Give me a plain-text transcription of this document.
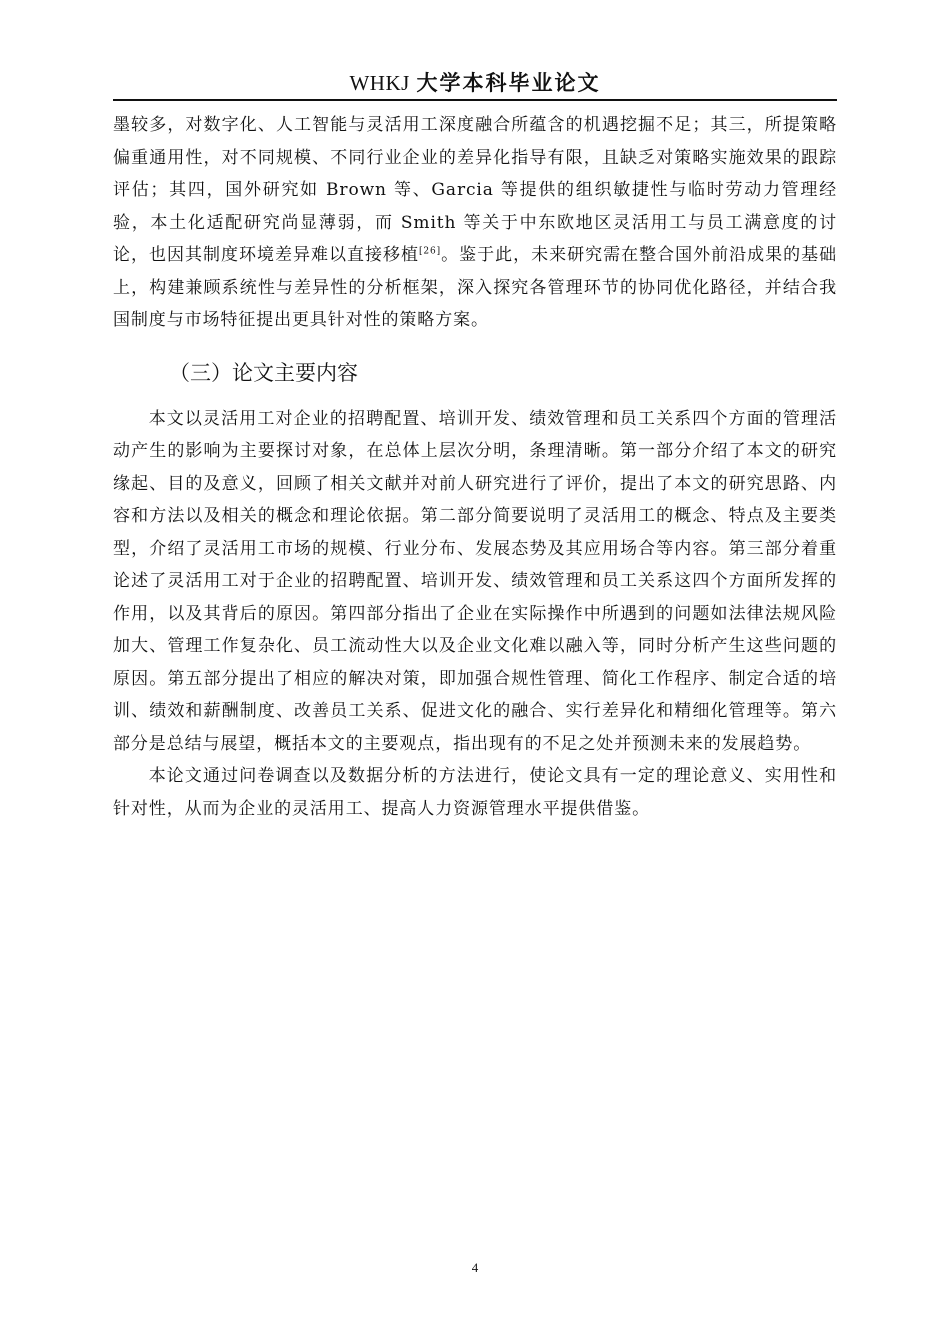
WHKJ 大学本科毕业论文

墨较多，对数字化、人工智能与灵活用工深度融合所蕴含的机遇挖掘不足；其三，所提策略偏重通用性，对不同规模、不同行业企业的差异化指导有限，且缺乏对策略实施效果的跟踪评估；其四，国外研究如 Brown 等、Garcia 等提供的组织敏捷性与临时劳动力管理经验，本土化适配研究尚显薄弱，而 Smith 等关于中东欧地区灵活用工与员工满意度的讨论，也因其制度环境差异难以直接移植[26]。鉴于此，未来研究需在整合国外前沿成果的基础上，构建兼顾系统性与差异性的分析框架，深入探究各管理环节的协同优化路径，并结合我国制度与市场特征提出更具针对性的策略方案。

（三）论文主要内容

本文以灵活用工对企业的招聘配置、培训开发、绩效管理和员工关系四个方面的管理活动产生的影响为主要探讨对象，在总体上层次分明，条理清晰。第一部分介绍了本文的研究缘起、目的及意义，回顾了相关文献并对前人研究进行了评价，提出了本文的研究思路、内容和方法以及相关的概念和理论依据。第二部分简要说明了灵活用工的概念、特点及主要类型，介绍了灵活用工市场的规模、行业分布、发展态势及其应用场合等内容。第三部分着重论述了灵活用工对于企业的招聘配置、培训开发、绩效管理和员工关系这四个方面所发挥的作用，以及其背后的原因。第四部分指出了企业在实际操作中所遇到的问题如法律法规风险加大、管理工作复杂化、员工流动性大以及企业文化难以融入等，同时分析产生这些问题的原因。第五部分提出了相应的解决对策，即加强合规性管理、简化工作程序、制定合适的培训、绩效和薪酬制度、改善员工关系、促进文化的融合、实行差异化和精细化管理等。第六部分是总结与展望，概括本文的主要观点，指出现有的不足之处并预测未来的发展趋势。

本论文通过问卷调查以及数据分析的方法进行，使论文具有一定的理论意义、实用性和针对性，从而为企业的灵活用工、提高人力资源管理水平提供借鉴。

4
